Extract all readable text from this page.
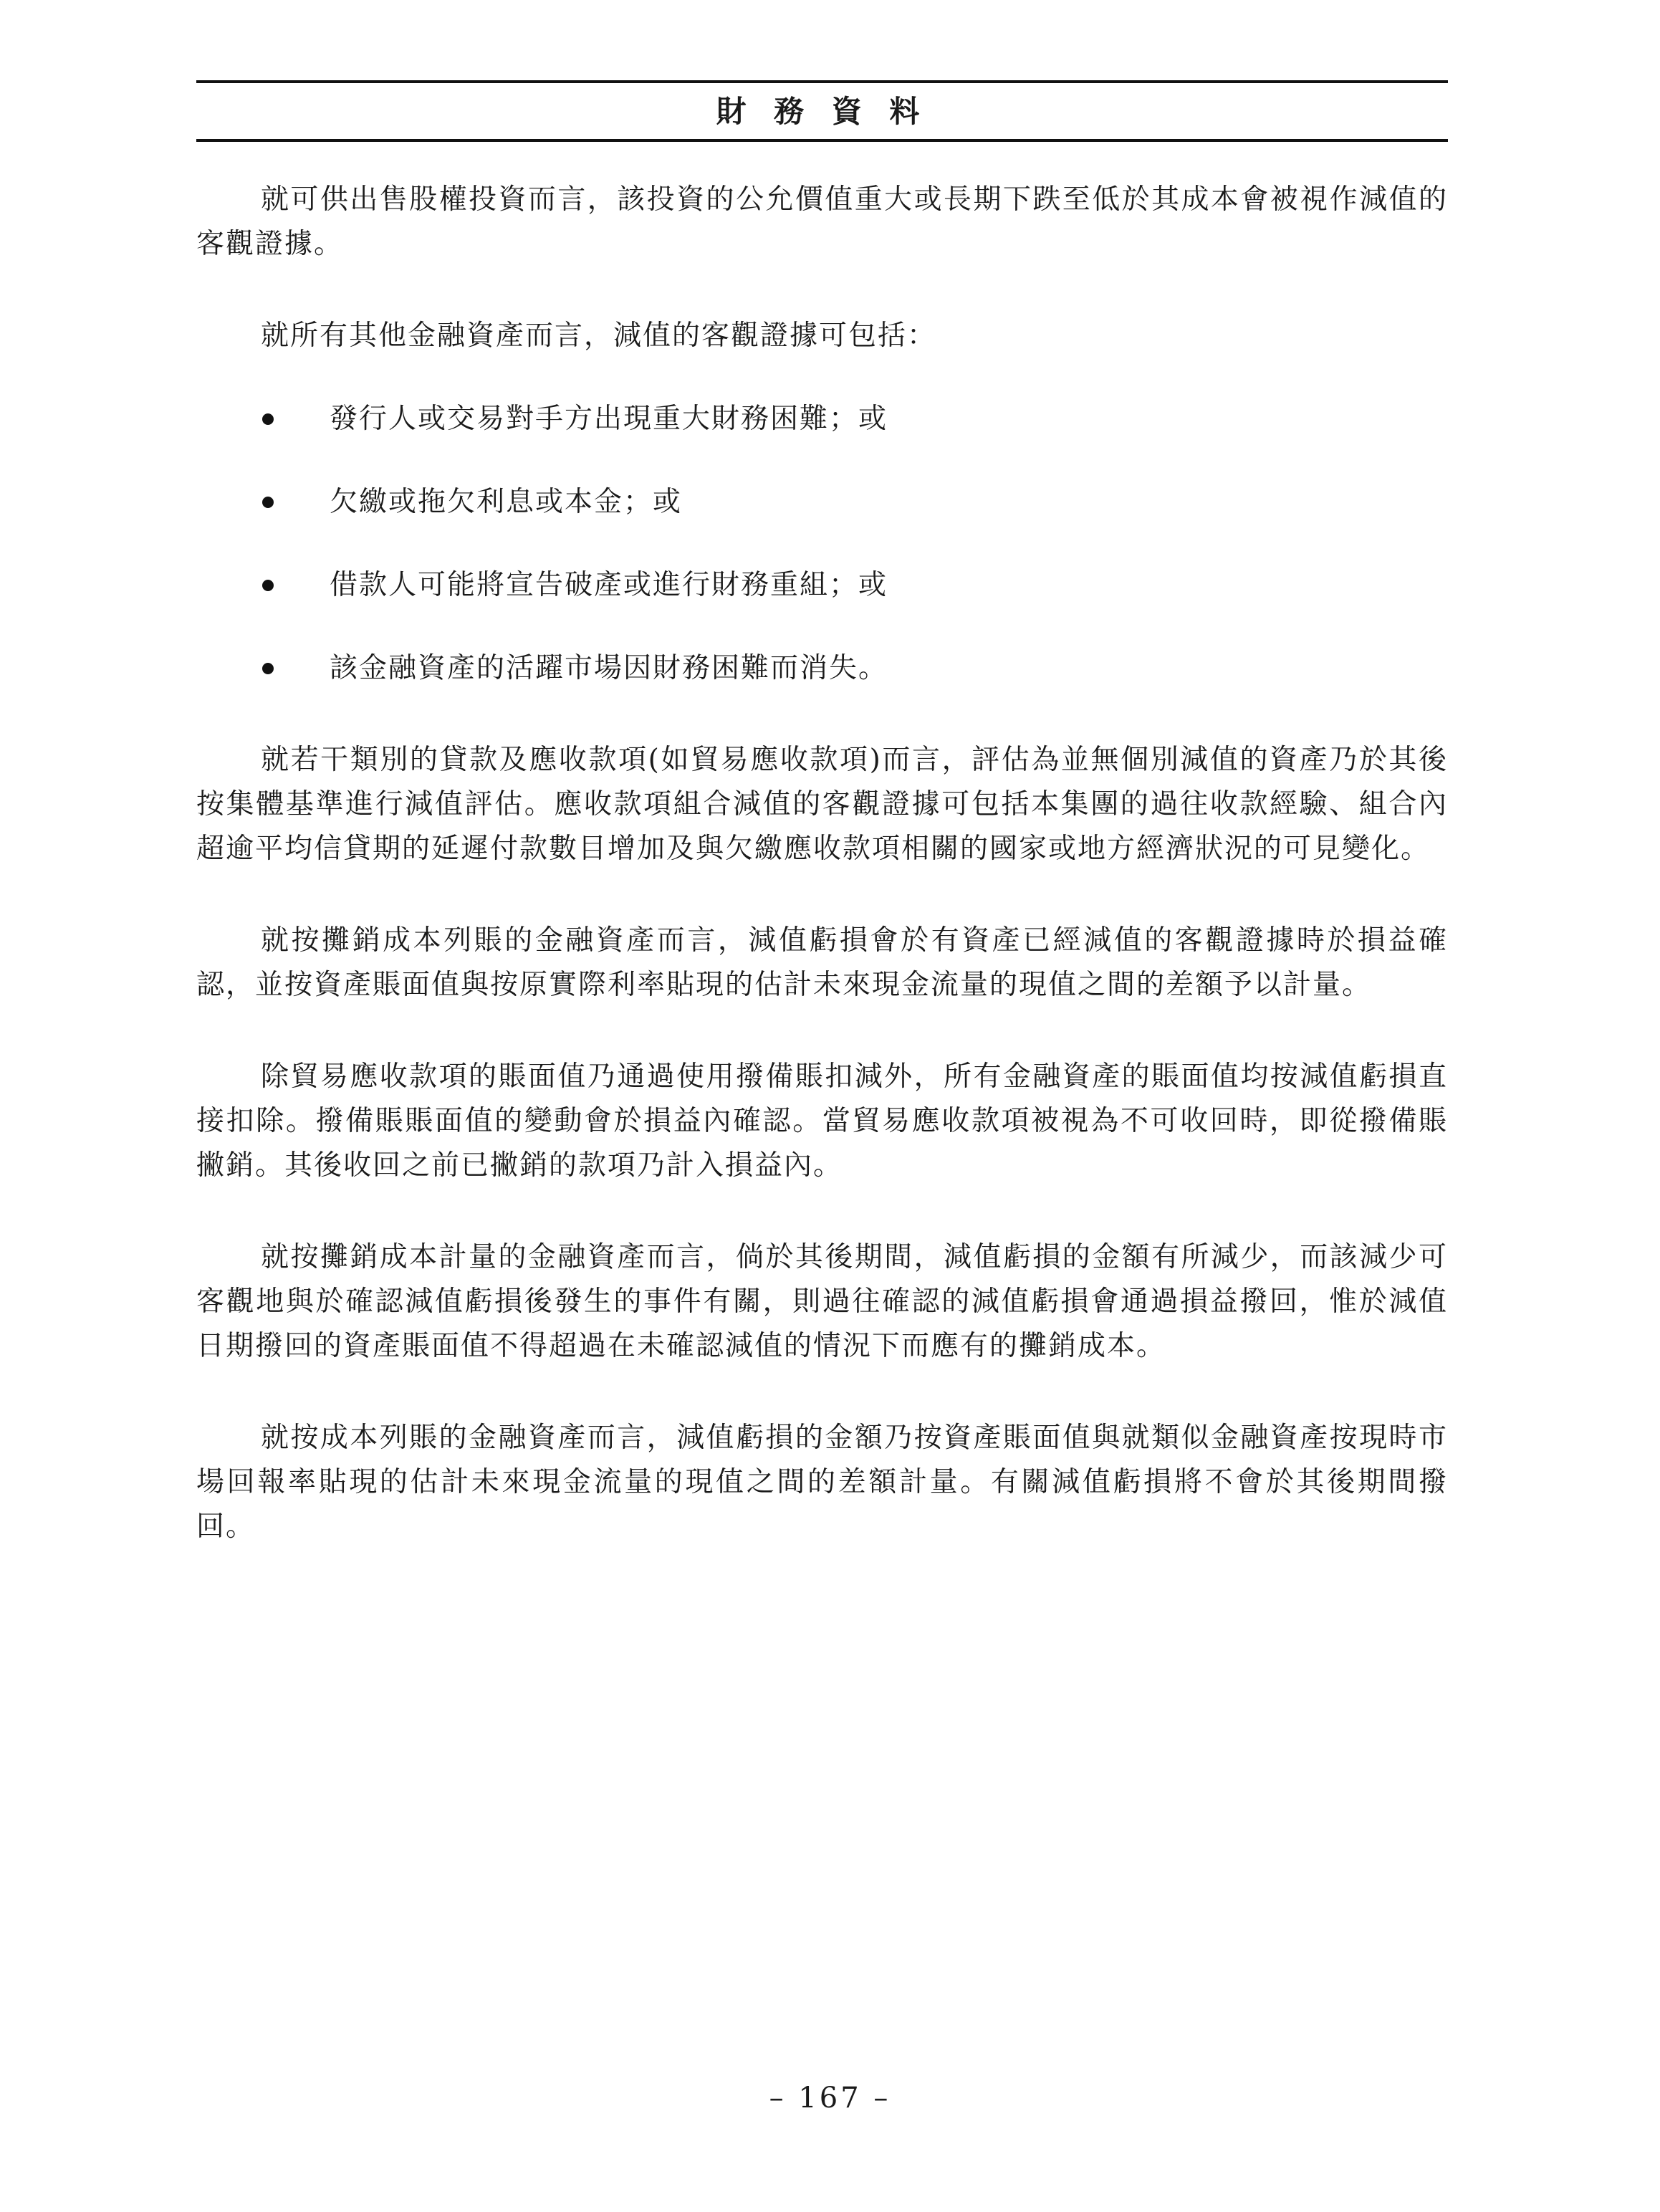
財 務 資 料

就可供出售股權投資而言，該投資的公允價值重大或長期下跌至低於其成本會被視作減值的客觀證據。

就所有其他金融資產而言，減值的客觀證據可包括：

發行人或交易對手方出現重大財務困難；或
欠繳或拖欠利息或本金；或
借款人可能將宣告破產或進行財務重組；或
該金融資產的活躍市場因財務困難而消失。

就若干類別的貸款及應收款項(如貿易應收款項)而言，評估為並無個別減值的資產乃於其後按集體基準進行減值評估。應收款項組合減值的客觀證據可包括本集團的過往收款經驗、組合內超逾平均信貸期的延遲付款數目增加及與欠繳應收款項相關的國家或地方經濟狀況的可見變化。

就按攤銷成本列賬的金融資產而言，減值虧損會於有資產已經減值的客觀證據時於損益確認，並按資產賬面值與按原實際利率貼現的估計未來現金流量的現值之間的差額予以計量。

除貿易應收款項的賬面值乃通過使用撥備賬扣減外，所有金融資產的賬面值均按減值虧損直接扣除。撥備賬賬面值的變動會於損益內確認。當貿易應收款項被視為不可收回時，即從撥備賬撇銷。其後收回之前已撇銷的款項乃計入損益內。

就按攤銷成本計量的金融資產而言，倘於其後期間，減值虧損的金額有所減少，而該減少可客觀地與於確認減值虧損後發生的事件有關，則過往確認的減值虧損會通過損益撥回，惟於減值日期撥回的資產賬面值不得超過在未確認減值的情況下而應有的攤銷成本。

就按成本列賬的金融資產而言，減值虧損的金額乃按資產賬面值與就類似金融資產按現時市場回報率貼現的估計未來現金流量的現值之間的差額計量。有關減值虧損將不會於其後期間撥回。

– 167 –
